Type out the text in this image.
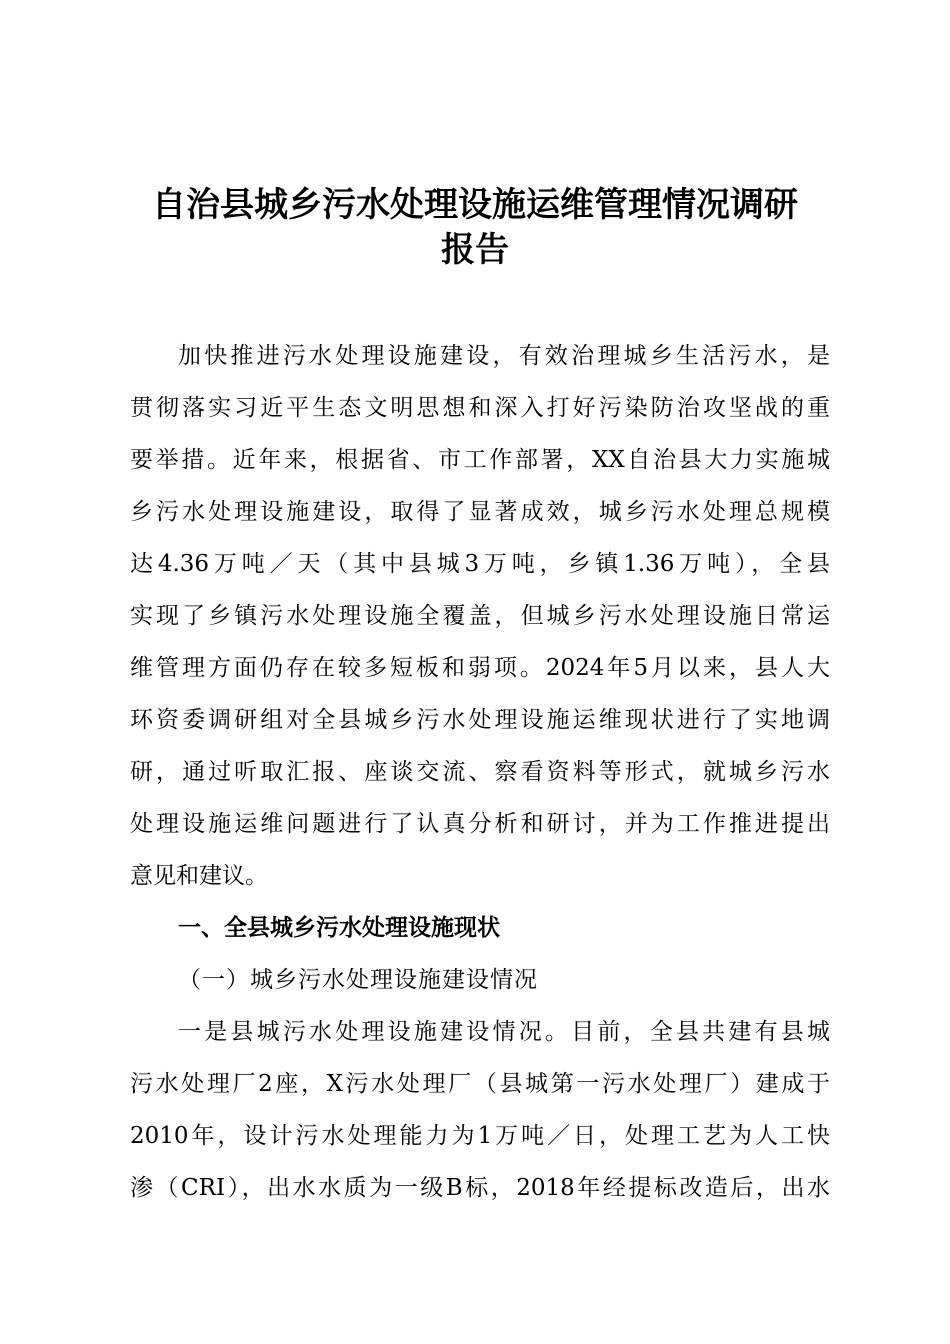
自治县城乡污水处理设施运维管理情况调研
报告
加快推进污水处理设施建设，有效治理城乡生活污水，是
贯彻落实习近平生态文明思想和深入打好污染防治攻坚战的重
要举措。近年来，根据省、市工作部署，XX自治县大力实施城
乡污水处理设施建设，取得了显著成效，城乡污水处理总规模
达4.36万吨／天（其中县城3万吨，乡镇1.36万吨），全县
实现了乡镇污水处理设施全覆盖，但城乡污水处理设施日常运
维管理方面仍存在较多短板和弱项。2024年5月以来，县人大
环资委调研组对全县城乡污水处理设施运维现状进行了实地调
研，通过听取汇报、座谈交流、察看资料等形式，就城乡污水
处理设施运维问题进行了认真分析和研讨，并为工作推进提出
意见和建议。
一、全县城乡污水处理设施现状
（一）城乡污水处理设施建设情况
一是县城污水处理设施建设情况。目前，全县共建有县城
污水处理厂2座，X污水处理厂（县城第一污水处理厂）建成于
2010年，设计污水处理能力为1万吨／日，处理工艺为人工快
渗（CRI），出水水质为一级B标，2018年经提标改造后，出水
